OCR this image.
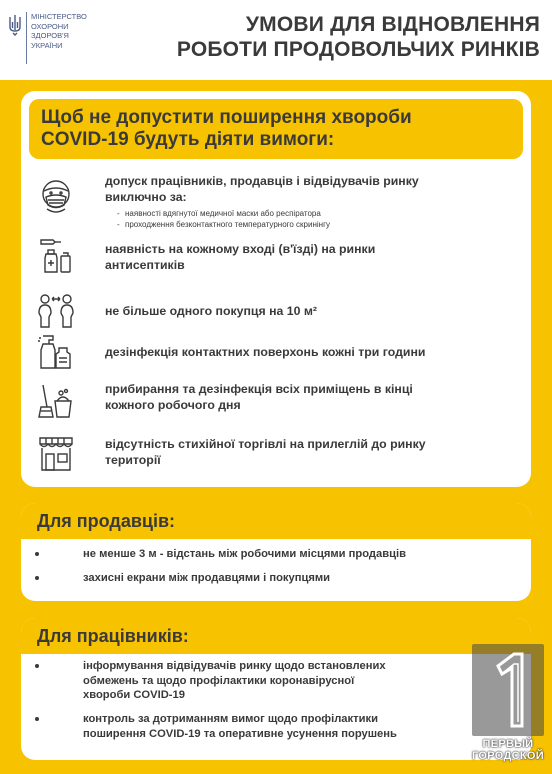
МІНІСТЕРСТВО
ОХОРОНИ
ЗДОРОВ'Я
УКРАЇНИ
УМОВИ ДЛЯ ВІДНОВЛЕННЯ
РОБОТИ ПРОДОВОЛЬЧИХ РИНКІВ
Щоб не допустити поширення хвороби
COVID-19 будуть діяти вимоги:
допуск працівників, продавців і відвідувачів ринку
виключно за:
- наявності вдягнутої медичної маски або респіратора
- проходження безконтактного температурного скринінгу
наявність на кожному вході (в'їзді) на ринки
антисептиків
не більше одного покупця на 10 м²
дезінфекція контактних поверхонь кожні три години
прибирання та дезінфекція всіх приміщень в кінці
кожного робочого дня
відсутність стихійної торгівлі на прилеглій до ринку
території
Для продавців:
не менше 3 м - відстань між робочими місцями продавців
захисні екрани між продавцями і покупцями
Для працівників:
інформування відвідувачів ринку щодо встановлених
обмежень та щодо профілактики коронавірусної
хвороби COVID-19
контроль за дотриманням вимог щодо профілактики
поширення COVID-19 та оперативне усунення порушень
ПЕРВЫЙ
ГОРОДСКОЙ
